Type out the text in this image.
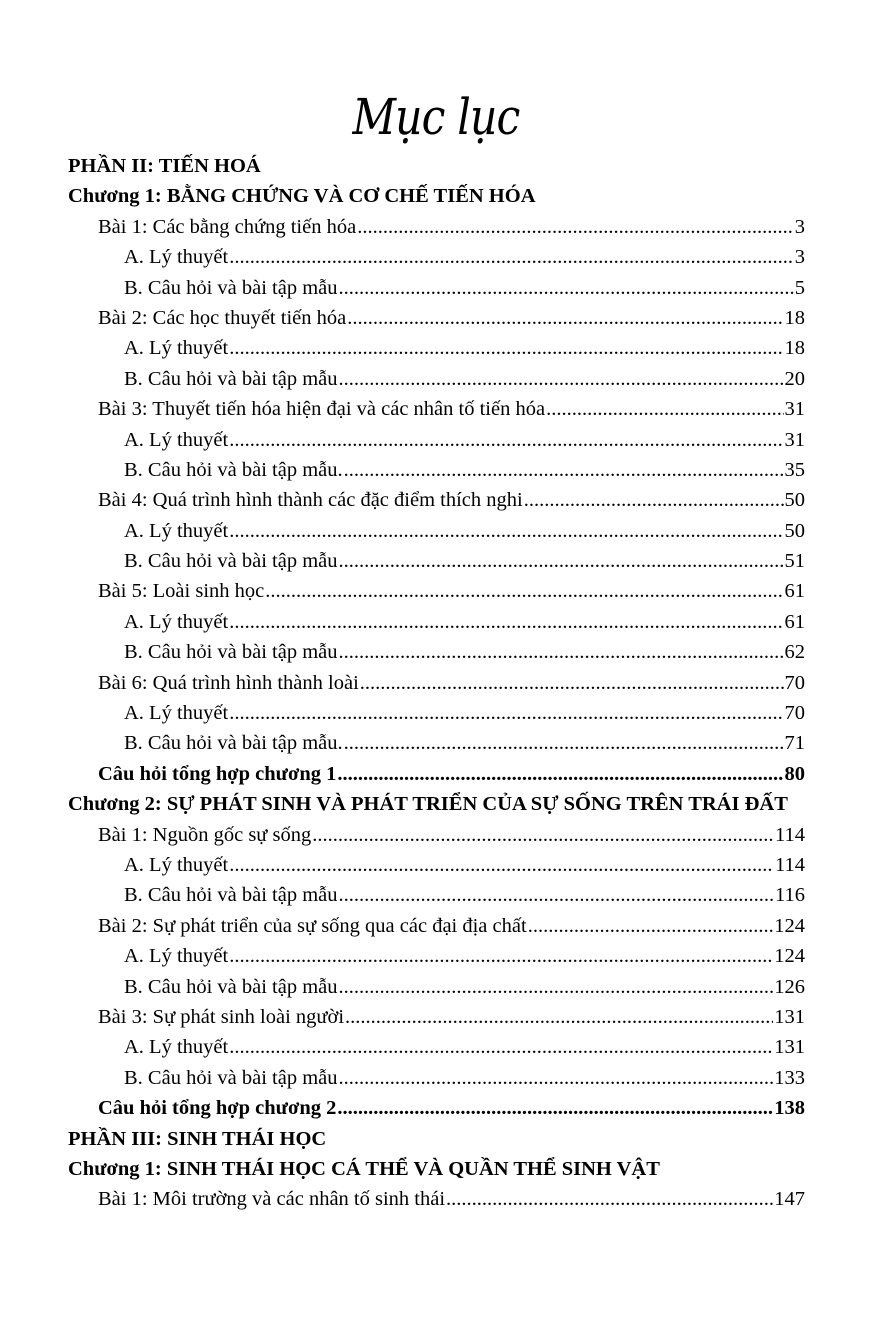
Mục lục
PHẦN II: TIẾN HOÁ
Chương 1: BẰNG CHỨNG VÀ CƠ CHẾ TIẾN HÓA
Bài 1: Các bằng chứng tiến hóa .....	3
A. Lý thuyết .....	3
B. Câu hỏi và bài tập mẫu .....	5
Bài 2: Các học thuyết tiến hóa .....	18
A. Lý thuyết .....	18
B. Câu hỏi và bài tập mẫu .....	20
Bài 3: Thuyết tiến hóa hiện đại và các nhân tố tiến hóa .....	31
A. Lý thuyết .....	31
B. Câu hỏi và bài tập mẫu. .....	35
Bài 4: Quá trình hình thành các đặc điểm thích nghi .....	50
A. Lý thuyết .....	50
B. Câu hỏi và bài tập mẫu .....	51
Bài 5: Loài sinh học .....	61
A. Lý thuyết .....	61
B. Câu hỏi và bài tập mẫu .....	62
Bài 6: Quá trình hình thành loài .....	70
A. Lý thuyết .....	70
B. Câu hỏi và bài tập mẫu. .....	71
Câu hỏi tổng hợp chương 1 .....	80
Chương 2: SỰ PHÁT SINH VÀ PHÁT TRIỂN CỦA SỰ SỐNG TRÊN TRÁI ĐẤT
Bài 1: Nguồn gốc sự sống .....	114
A. Lý thuyết .....	114
B. Câu hỏi và bài tập mẫu .....	116
Bài 2: Sự phát triển của sự sống qua các đại địa chất .....	124
A. Lý thuyết .....	124
B. Câu hỏi và bài tập mẫu .....	126
Bài 3: Sự phát sinh loài người .....	131
A. Lý thuyết .....	131
B. Câu hỏi và bài tập mẫu .....	133
Câu hỏi tổng hợp chương 2 .....	138
PHẦN III: SINH THÁI HỌC
Chương 1: SINH THÁI HỌC CÁ THỂ VÀ QUẦN THỂ SINH VẬT
Bài 1: Môi trường và các nhân tố sinh thái .....	147
